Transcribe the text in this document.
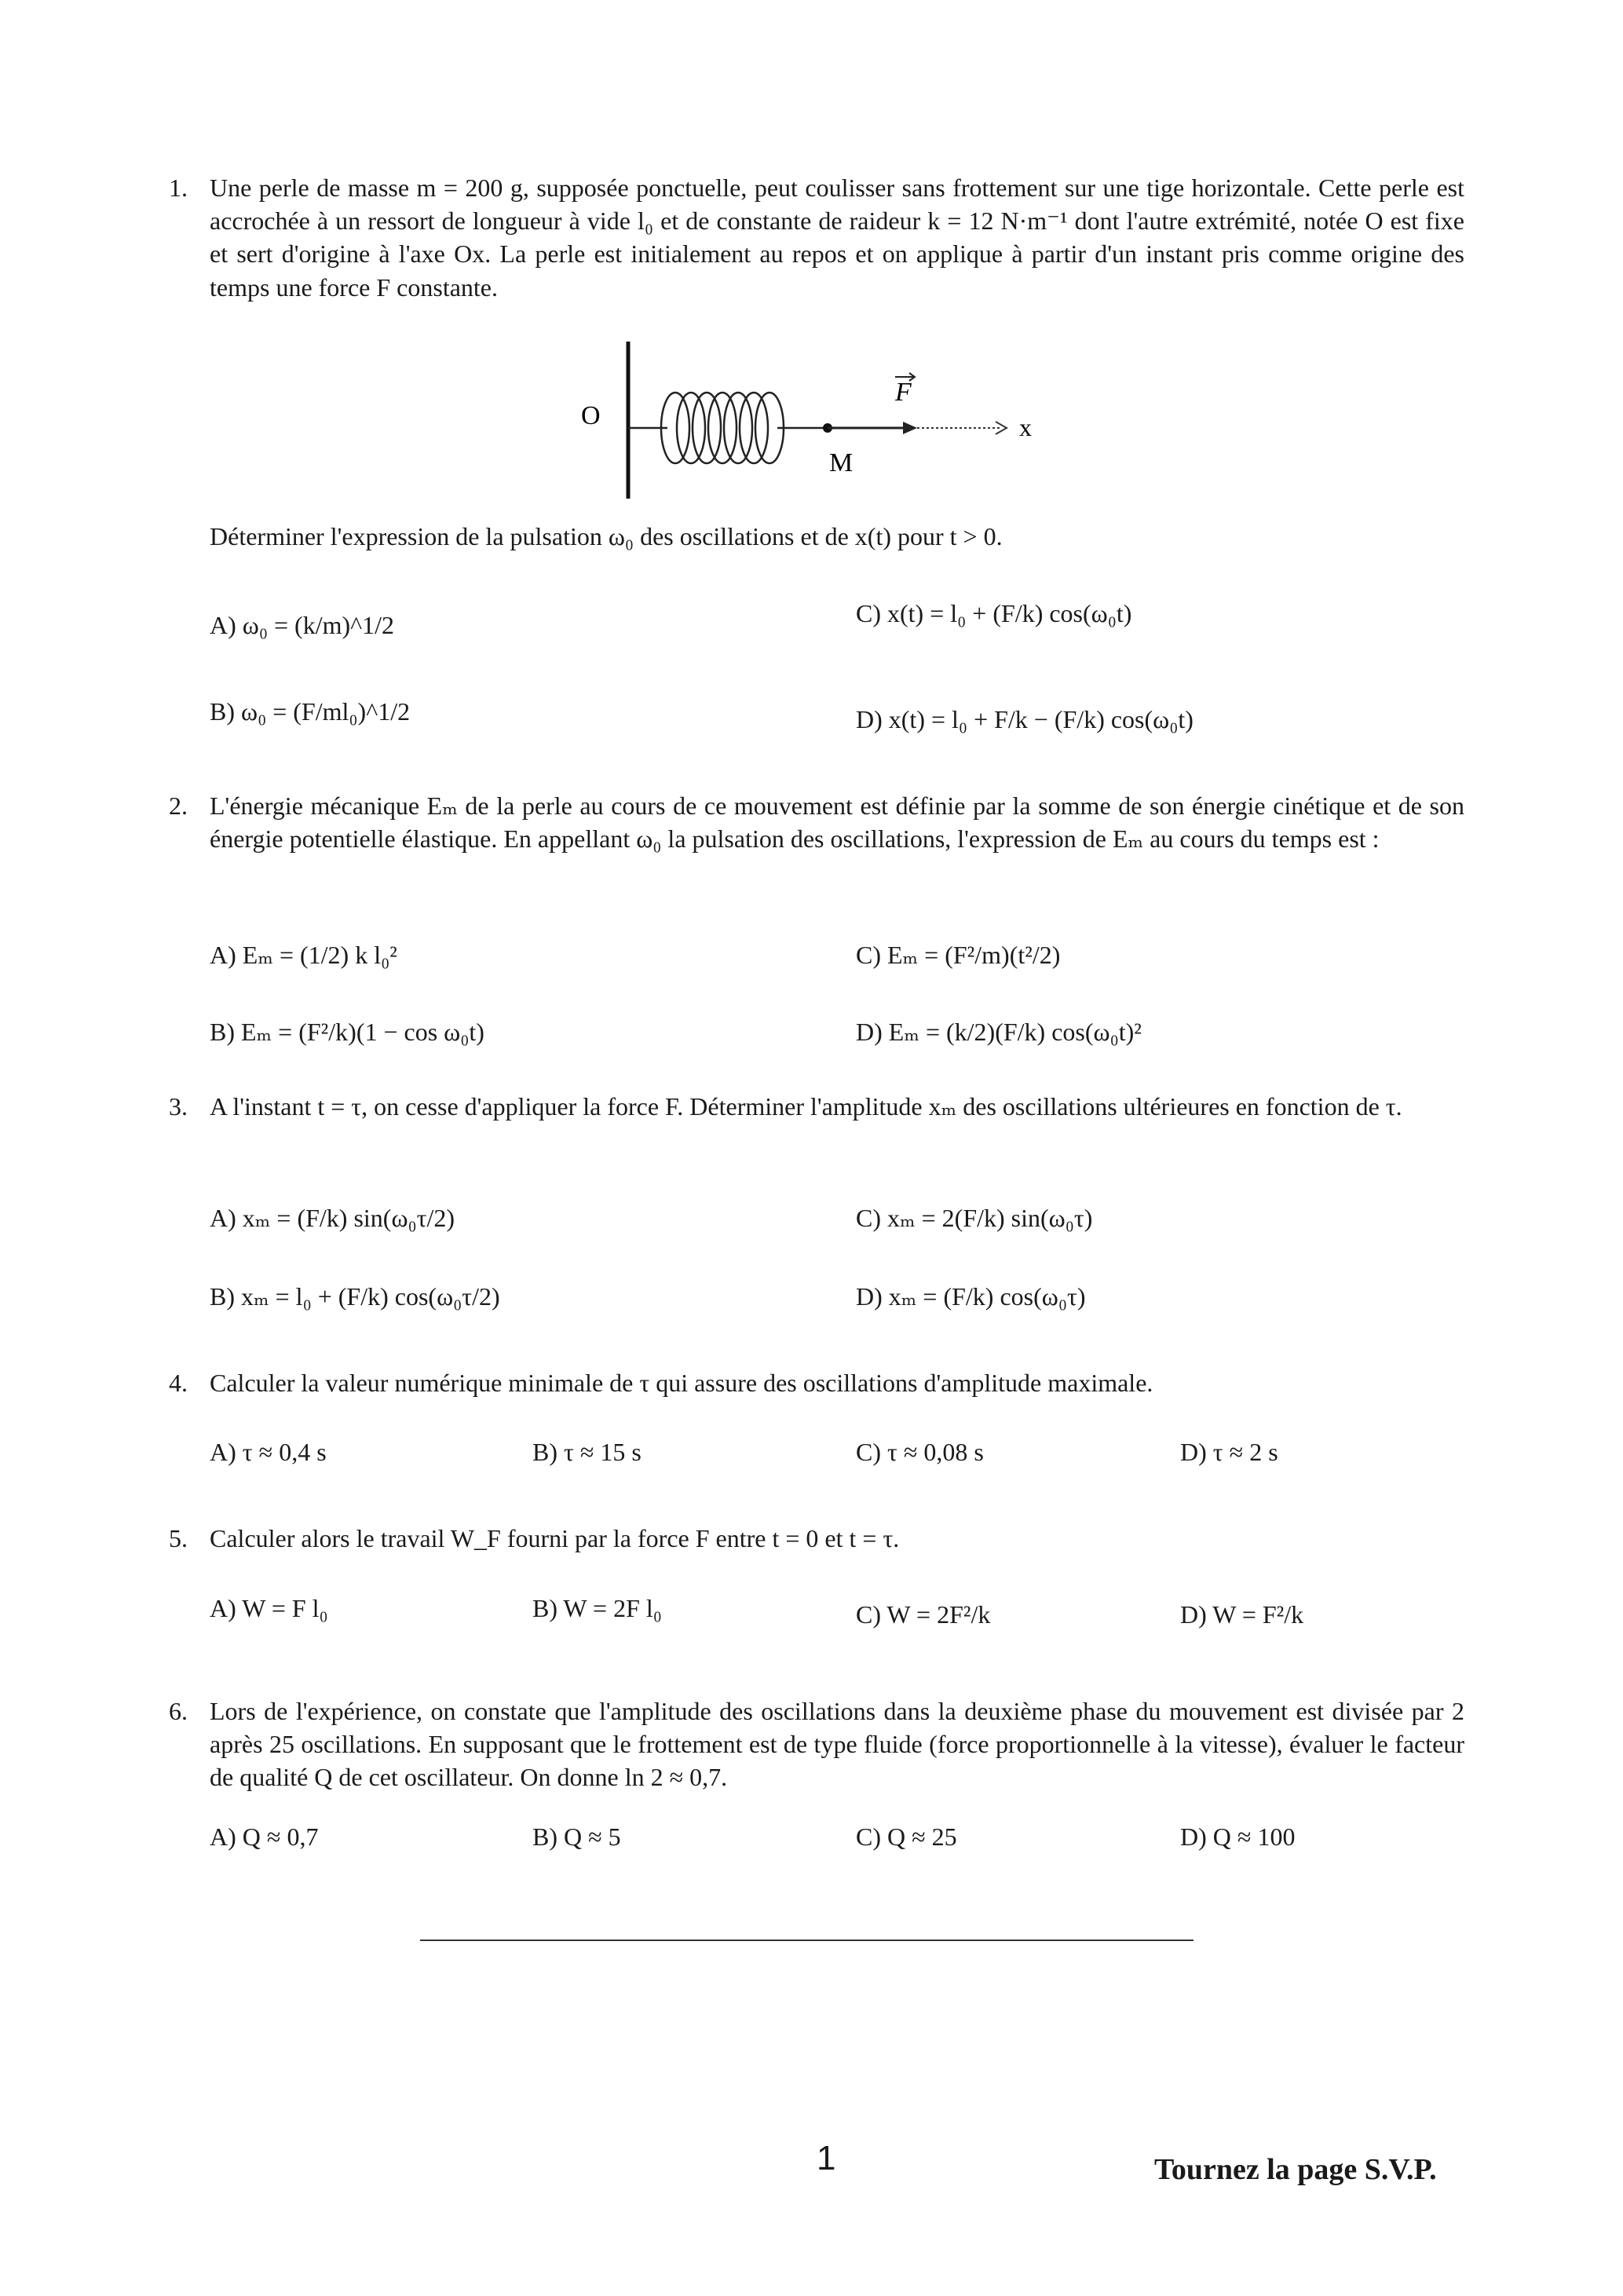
1. Une perle de masse m = 200 g, supposée ponctuelle, peut coulisser sans frottement sur une tige horizontale. Cette perle est accrochée à un ressort de longueur à vide l₀ et de constante de raideur k = 12 N·m⁻¹ dont l'autre extrémité, notée O est fixe et sert d'origine à l'axe Ox. La perle est initialement au repos et on applique à partir d'un instant pris comme origine des temps une force F constante.
O
M
x
F
Déterminer l'expression de la pulsation ω₀ des oscillations et de x(t) pour t > 0.
A) ω₀ = (k/m)^1/2
B) ω₀ = (F/ml₀)^1/2
C) x(t) = l₀ + (F/k) cos(ω₀t)
D) x(t) = l₀ + F/k − (F/k) cos(ω₀t)
2. L'énergie mécanique Eₘ de la perle au cours de ce mouvement est définie par la somme de son énergie cinétique et de son énergie potentielle élastique. En appellant ω₀ la pulsation des oscillations, l'expression de Eₘ au cours du temps est :
A) Eₘ = (1/2) k l₀²
B) Eₘ = (F²/k)(1 − cos ω₀t)
C) Eₘ = (F²/m)(t²/2)
D) Eₘ = (k/2)(F/k) cos(ω₀t)²
3. A l'instant t = τ, on cesse d'appliquer la force F. Déterminer l'amplitude xₘ des oscillations ultérieures en fonction de τ.
A) xₘ = (F/k) sin(ω₀τ/2)
B) xₘ = l₀ + (F/k) cos(ω₀τ/2)
C) xₘ = 2(F/k) sin(ω₀τ)
D) xₘ = (F/k) cos(ω₀τ)
4. Calculer la valeur numérique minimale de τ qui assure des oscillations d'amplitude maximale.
A) τ ≈ 0,4 s	B) τ ≈ 15 s	C) τ ≈ 0,08 s	D) τ ≈ 2 s
5. Calculer alors le travail W_F fourni par la force F entre t = 0 et t = τ.
A) W = F l₀	B) W = 2F l₀	C) W = 2F²/k	D) W = F²/k
6. Lors de l'expérience, on constate que l'amplitude des oscillations dans la deuxième phase du mouvement est divisée par 2 après 25 oscillations. En supposant que le frottement est de type fluide (force proportionnelle à la vitesse), évaluer le facteur de qualité Q de cet oscillateur. On donne ln 2 ≈ 0,7.
A) Q ≈ 0,7	B) Q ≈ 5	C) Q ≈ 25	D) Q ≈ 100
1	Tournez la page S.V.P.
